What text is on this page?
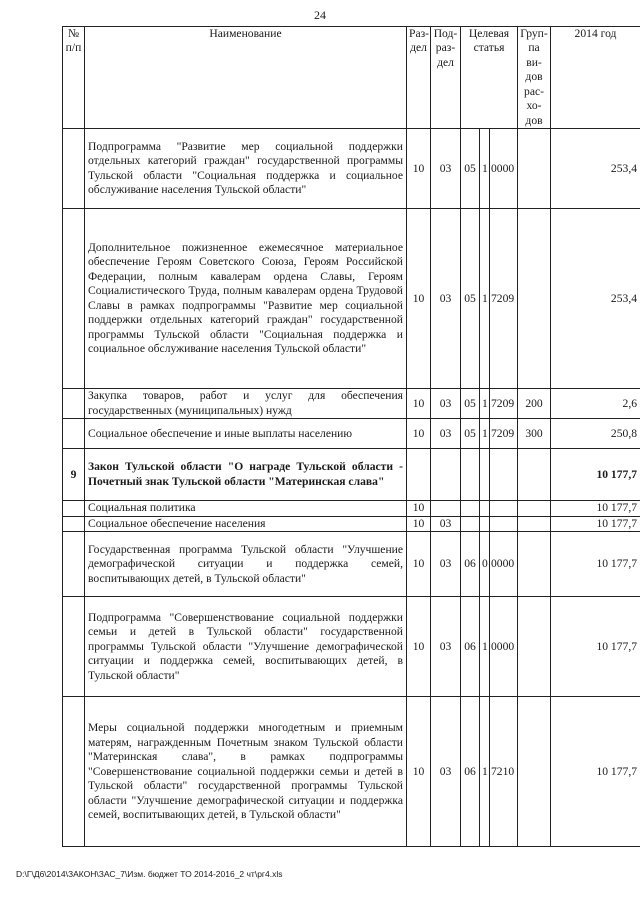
24
№ п/п	Наименование	Раз-дел	Под-раз-дел	Целевая статья			Груп-па ви-дов рас-хо-дов	2014 год
	Подпрограмма "Развитие мер социальной поддержки отдельных категорий граждан" государственной программы Тульской области "Социальная поддержка и социальное обслуживание населения Тульской области"	10	03	05	1	0000		253,4
	Дополнительное пожизненное ежемесячное материальное обеспечение Героям Советского Союза, Героям Российской Федерации, полным кавалерам ордена Славы, Героям Социалистического Труда, полным кавалерам ордена Трудовой Славы в рамках подпрограммы "Развитие мер социальной поддержки отдельных категорий граждан" государственной программы Тульской области "Социальная поддержка и социальное обслуживание населения Тульской области"	10	03	05	1	7209		253,4
	Закупка товаров, работ и услуг для обеспечения государственных (муниципальных) нужд	10	03	05	1	7209	200	2,6
	Социальное обеспечение и иные выплаты населению	10	03	05	1	7209	300	250,8
9	Закон Тульской области "О награде Тульской области - Почетный знак Тульской области "Материнская слава"							10 177,7
	Социальная политика	10						10 177,7
	Социальное обеспечение населения	10	03					10 177,7
	Государственная программа Тульской области "Улучшение демографической ситуации и поддержка семей, воспитывающих детей, в Тульской области"	10	03	06	0	0000		10 177,7
	Подпрограмма "Совершенствование социальной поддержки семьи и детей в Тульской области" государственной программы Тульской области "Улучшение демографической ситуации и поддержка семей, воспитывающих детей, в Тульской области"	10	03	06	1	0000		10 177,7
	Меры социальной поддержки многодетным и приемным матерям, награжденным Почетным знаком Тульской области "Материнская слава", в рамках подпрограммы "Совершенствование социальной поддержки семьи и детей в Тульской области" государственной программы Тульской области "Улучшение демографической ситуации и поддержка семей, воспитывающих детей, в Тульской области"	10	03	06	1	7210		10 177,7
D:\Г\Д6\2014\ЗАКОН\ЗАС_7\Изм. бюджет ТО 2014-2016_2 чт\рг4.xls
